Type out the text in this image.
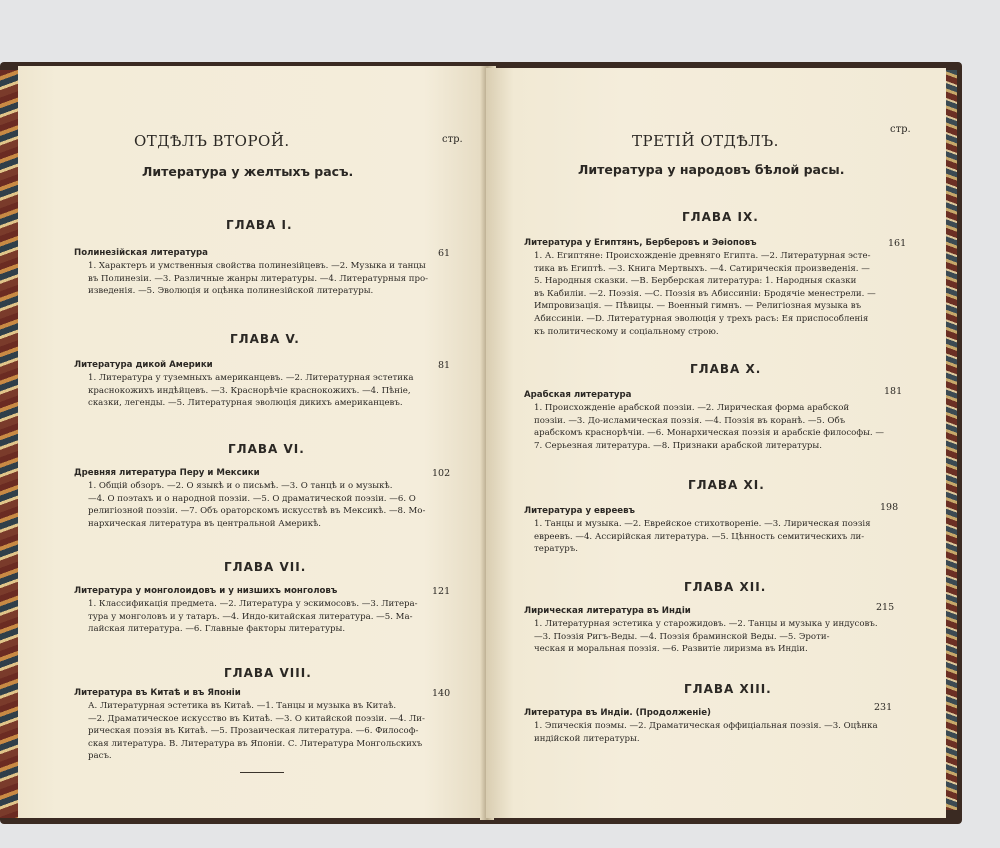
ОТДѢЛЪ ВТОРОЙ.	стр.
Литература у желтыхъ расъ.
ГЛАВА I.
Полинезійская литература	61
1. Характеръ и умственныя свойства полинезійцевъ. —2. Музыка и танцы
въ Полинезіи. —3. Различные жанры литературы. —4. Литературныя про-
изведенія. —5. Эволюція и оцѣнка полинезійской литературы.
ГЛАВА V.
Литература дикой Америки	81
1. Литература у туземныхъ американцевъ. —2. Литературная эстетика
краснокожихъ индѣйцевъ. —3. Краснорѣчіе краснокожихъ. —4. Пѣніе,
сказки, легенды. —5. Литературная эволюція дикихъ американцевъ.
ГЛАВА VI.
Древняя литература Перу и Мексики	102
1. Общій обзоръ. —2. О языкѣ и о письмѣ. —3. О танцѣ и о музыкѣ.
—4. О поэтахъ и о народной поэзіи. —5. О драматической поэзіи. —6. О
религіозной поэзіи. —7. Объ ораторскомъ искусствѣ въ Мексикѣ. —8. Мо-
нархическая литература въ центральной Америкѣ.
ГЛАВА VII.
Литература у монголоидовъ и у низшихъ монголовъ	121
1. Классификація предмета. —2. Литература у эскимосовъ. —3. Литера-
тура у монголовъ и у татаръ. —4. Индо-китайская литература. —5. Ма-
лайская литература. —6. Главные факторы литературы.
ГЛАВА VIII.
Литература въ Китаѣ и въ Японіи	140
А. Литературная эстетика въ Китаѣ. —1. Танцы и музыка въ Китаѣ.
—2. Драматическое искусство въ Китаѣ. —3. О китайской поэзіи. —4. Ли-
рическая поэзія въ Китаѣ. —5. Прозаическая литература. —6. Философ-
ская литература. В. Литература въ Японіи. С. Литература Монгольскихъ
расъ.
ТРЕТІЙ ОТДѢЛЪ.
стр.
Литература у народовъ бѣлой расы.
ГЛАВА IX.
Литература у Египтянъ, Берберовъ и Эѳіоповъ	161
1. А. Египтяне: Происхожденіе древняго Египта. —2. Литературная эсте-
тика въ Египтѣ. —3. Книга Мертвыхъ. —4. Сатирическія произведенія. —
5. Народныя сказки. —В. Берберская литература: 1. Народныя сказки
въ Кабиліи. —2. Поэзія. —С. Поэзія въ Абиссиніи: Бродячіе менестрели. —
Импровизація. — Пѣвицы. — Военный гимнъ. — Религіозная музыка въ
Абиссиніи. —D. Литературная эволюція у трехъ расъ: Ея приспособленія
къ политическому и соціальному строю.
ГЛАВА X.
Арабская литература	181
1. Происхожденіе арабской поэзіи. —2. Лирическая форма арабской
поэзіи. —3. До-исламическая поэзія. —4. Поэзія въ коранѣ. —5. Объ
арабскомъ краснорѣчіи. —6. Монархическая поэзія и арабскіе философы. —
7. Серьезная литература. —8. Признаки арабской литературы.
ГЛАВА XI.
Литература у евреевъ	198
1. Танцы и музыка. —2. Еврейское стихотвореніе. —3. Лирическая поэзія
евреевъ. —4. Ассирійская литература. —5. Цѣнность семитическихъ ли-
тературъ.
ГЛАВА XII.
Лирическая литература въ Индіи	215
1. Литературная эстетика у старожидовъ. —2. Танцы и музыка у индусовъ.
—3. Поэзія Ригъ-Веды. —4. Поэзія браминской Веды. —5. Эроти-
ческая и моральная поэзія. —6. Развитіе лиризма въ Индіи.
ГЛАВА XIII.
Литература въ Индіи. (Продолженіе)	231
1. Эпическія поэмы. —2. Драматическая оффиціальная поэзія. —3. Оцѣнка
индійской литературы.
